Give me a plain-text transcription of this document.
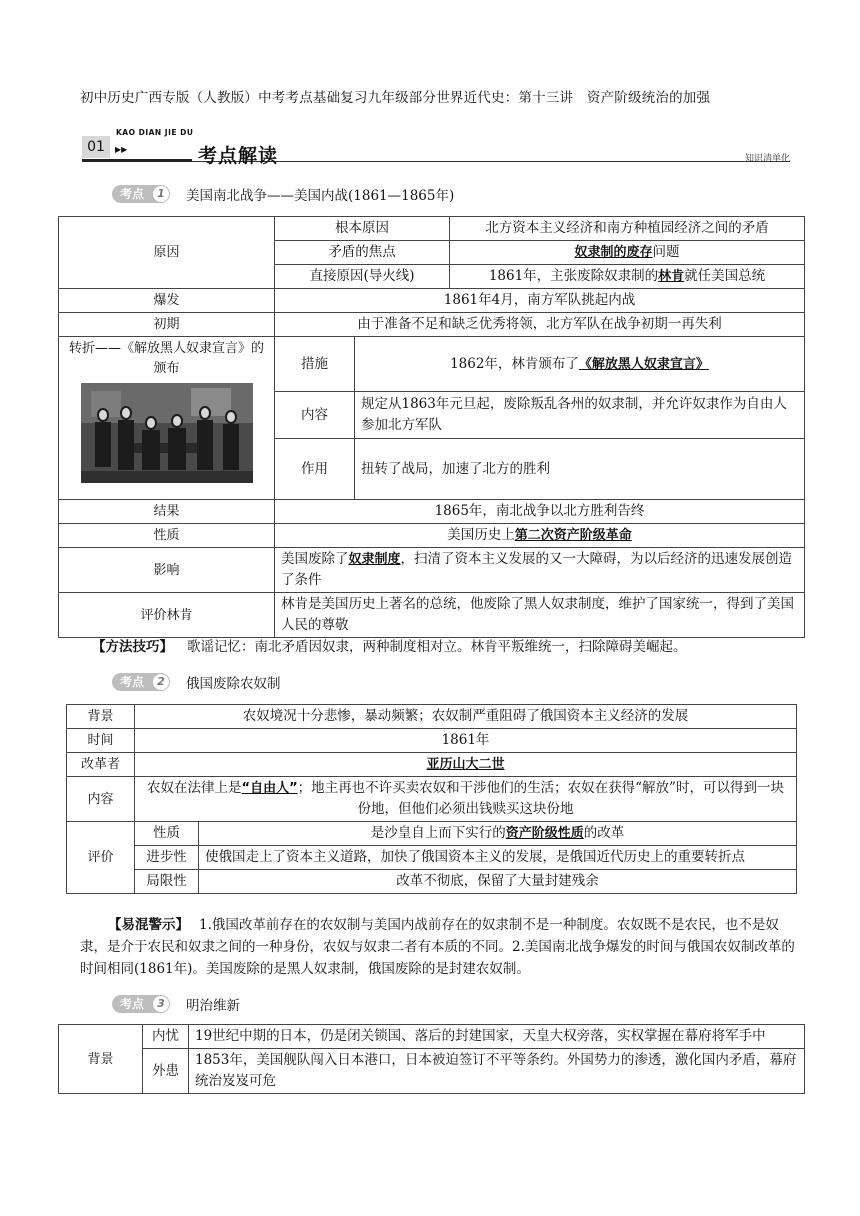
初中历史广西专版（人教版）中考考点基础复习九年级部分世界近代史：第十三讲　资产阶级统治的加强
KAO DIAN JIE DU
01	▶▶	考点解读	知识清单化
考点	1	美国南北战争——美国内战(1861—1865年)
原因	根本原因		北方资本主义经济和南方种植园经济之间的矛盾
	矛盾的焦点		奴隶制的废存问题
	直接原因(导火线)		1861年，主张废除奴隶制的林肯就任美国总统
爆发	1861年4月，南方军队挑起内战		
初期	由于准备不足和缺乏优秀将领，北方军队在战争初期一再失利		

转折——《解放黑人奴隶宣言》的颁布	措施	1862年，林肯颁布了《解放黑人奴隶宣言》	
	内容	规定从1863年元旦起，废除叛乱各州的奴隶制，并允许奴隶作为自由人参加北方军队	
	作用	扭转了战局，加速了北方的胜利	
结果	1865年，南北战争以北方胜利告终		
性质	美国历史上第二次资产阶级革命		
影响	美国废除了奴隶制度，扫清了资本主义发展的又一大障碍，为以后经济的迅速发展创造了条件		
评价林肯	林肯是美国历史上著名的总统，他废除了黑人奴隶制度，维护了国家统一，得到了美国人民的尊敬		
【方法技巧】 歌谣记忆：南北矛盾因奴隶，两种制度相对立。林肯平叛维统一，扫除障碍美崛起。
考点	2	俄国废除农奴制
背景	农奴境况十分悲惨，暴动频繁；农奴制严重阻碍了俄国资本主义经济的发展	
时间	1861年	
改革者	亚历山大二世	
内容	农奴在法律上是“自由人”；地主再也不许买卖农奴和干涉他们的生活；农奴在获得“解放”时，可以得到一块份地，但他们必须出钱赎买这块份地	
评价	性质	是沙皇自上而下实行的资产阶级性质的改革
	进步性	使俄国走上了资本主义道路，加快了俄国资本主义的发展，是俄国近代历史上的重要转折点
	局限性	改革不彻底，保留了大量封建残余
【易混警示】 1.俄国改革前存在的农奴制与美国内战前存在的奴隶制不是一种制度。农奴既不是农民，也不是奴隶，是介于农民和奴隶之间的一种身份，农奴与奴隶二者有本质的不同。2.美国南北战争爆发的时间与俄国农奴制改革的时间相同(1861年)。美国废除的是黑人奴隶制，俄国废除的是封建农奴制。
考点	3	明治维新
背景	内忧	19世纪中期的日本，仍是闭关锁国、落后的封建国家，天皇大权旁落，实权掌握在幕府将军手中
	外患	1853年，美国舰队闯入日本港口，日本被迫签订不平等条约。外国势力的渗透，激化国内矛盾，幕府统治岌岌可危
